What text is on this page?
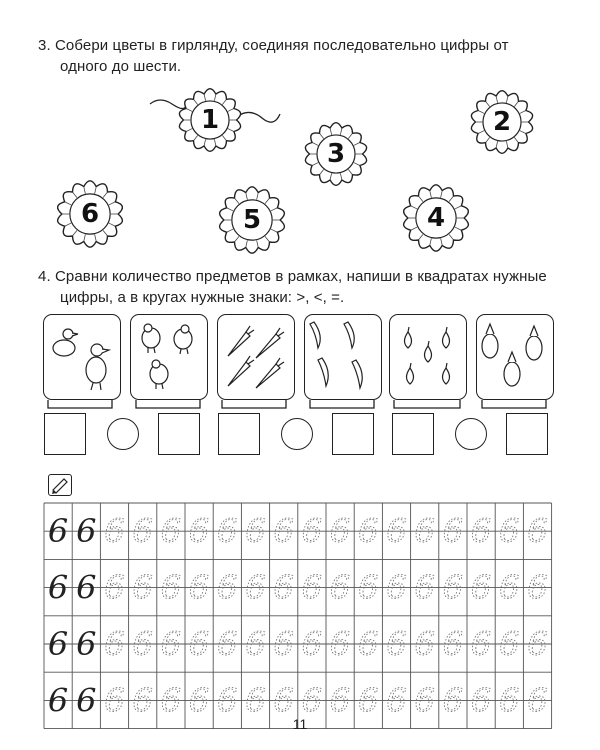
3. Собери цветы в гирлянду, соединяя последовательно цифры от
одного до шести.
1	2
3
4
5
6
4. Сравни количество предметов в рамках, напиши в квадратах нужные
цифры, а в кругах нужные знаки: >, <, =.
6 6 6 6 6 6 6 6 6 6 6 6 6 6 6 6 6 6
6 6 6 6 6 6 6 6 6 6 6 6 6 6 6 6 6 6
6 6 6 6 6 6 6 6 6 6 6 6 6 6 6 6 6 6
6 6 6 6 6 6 6 6 6 6 6 6 6 6 6 6 6 6
11
